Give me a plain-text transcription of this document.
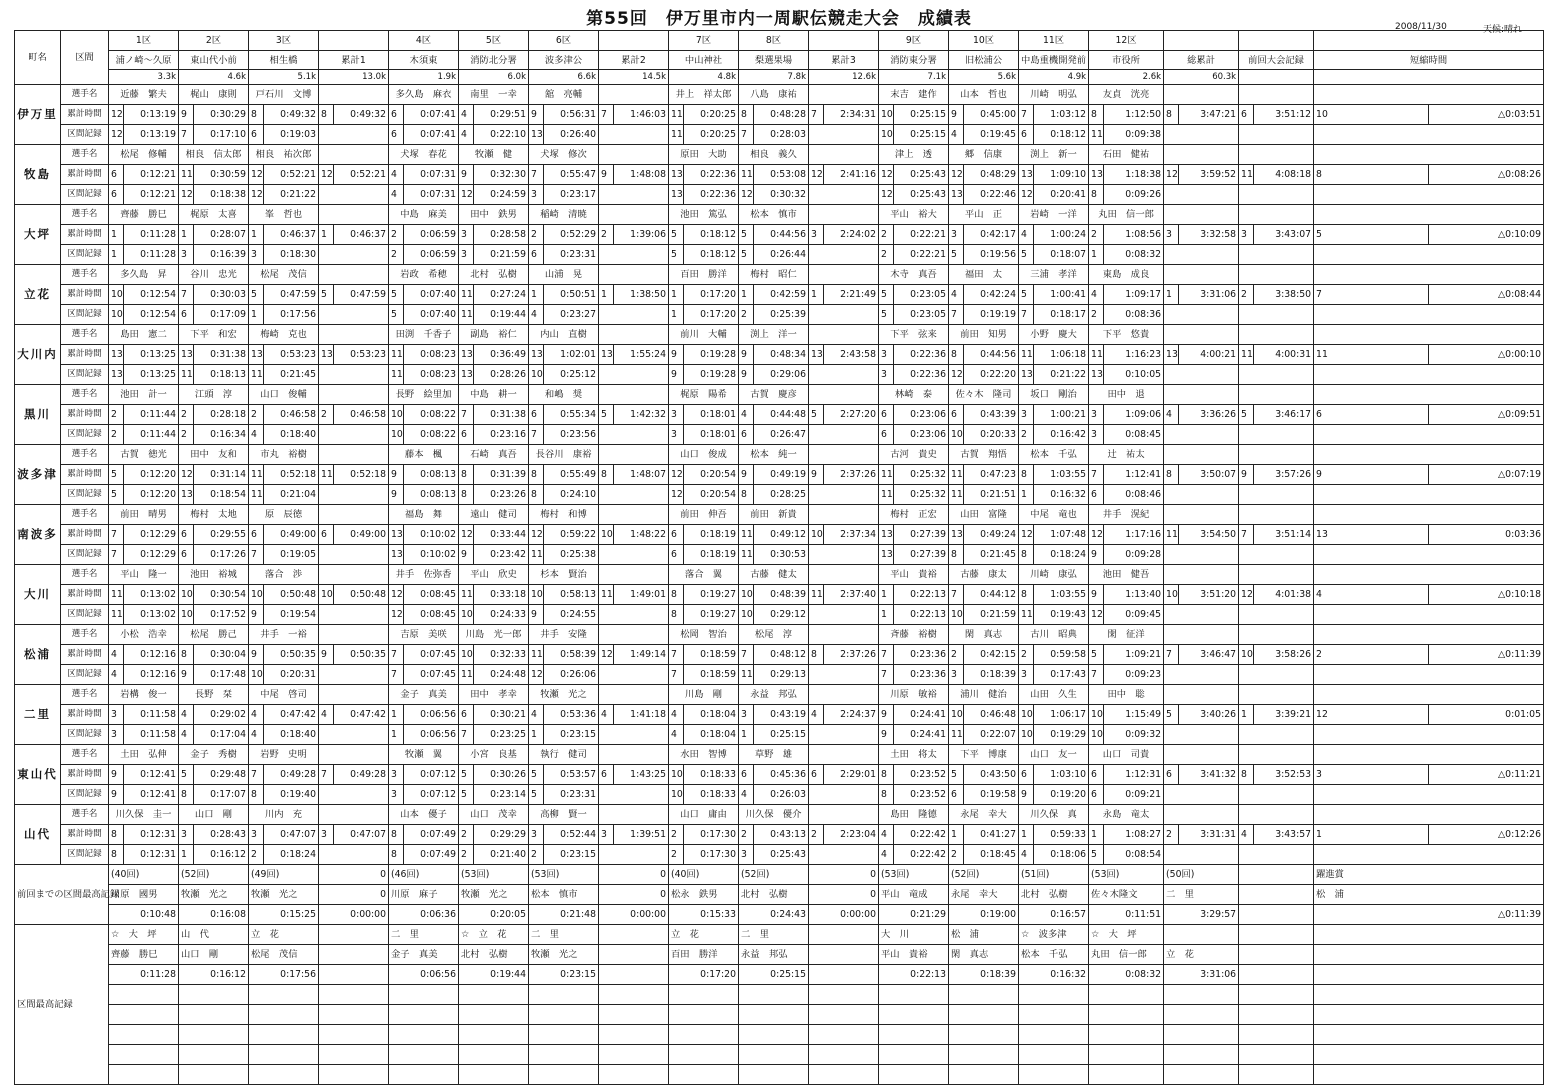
第55回　伊万里市内一周駅伝競走大会　成績表	2008/11/30	天候:晴れ
町名	区間	1区		2区		3区				4区		5区		6区				7区		8区				9区		10区		11区		12区							
		浦ノ崎～久原		東山代小前		相生橋		累計1		木須東		消防北分署		波多津公		累計2		中山神社		梨選果場		累計3		消防東分署		旧松浦公		中島重機開発前		市役所		総累計		前回大会記録		短縮時間	
		3.3k		4.6k		5.1k		13.0k		1.9k		6.0k		6.6k		14.5k		4.8k		7.8k		12.6k		7.1k		5.6k		4.9k		2.6k		60.3k					
伊万里	選手名	近藤　繁夫		梶山　康則		戸石川　文博				多久島　麻衣		南里　一幸		舘　亮輔				井上　祥太郎		八島　康祐				末吉　建作		山本　哲也		川崎　明弘		友貞　洸亮							
	累計時間	12	0:13:19	9	0:30:29	8	0:49:32	8	0:49:32	6	0:07:41	4	0:29:51	9	0:56:31	7	1:46:03	11	0:20:25	8	0:48:28	7	2:34:31	10	0:25:15	9	0:45:00	7	1:03:12	8	1:12:50	8	3:47:21	6	3:51:12	10	△0:03:51
	区間記録	12	0:13:19	7	0:17:10	6	0:19:03			6	0:07:41	4	0:22:10	13	0:26:40			11	0:20:25	7	0:28:03			10	0:25:15	4	0:19:45	6	0:18:12	11	0:09:38						
牧島	選手名	松尾　修輔		相良　信太郎		相良　祐次郎				犬塚　春花		牧瀬　健		犬塚　修次				原田　大助		相良　義久				津上　透		郷　信康		渕上　新一		石田　健祐							
	累計時間	6	0:12:21	11	0:30:59	12	0:52:21	12	0:52:21	4	0:07:31	9	0:32:30	7	0:55:47	9	1:48:08	13	0:22:36	11	0:53:08	12	2:41:16	12	0:25:43	12	0:48:29	13	1:09:10	13	1:18:38	12	3:59:52	11	4:08:18	8	△0:08:26
	区間記録	6	0:12:21	12	0:18:38	12	0:21:22			4	0:07:31	12	0:24:59	3	0:23:17			13	0:22:36	12	0:30:32			12	0:25:43	13	0:22:46	12	0:20:41	8	0:09:26						
大坪	選手名	齊藤　勝巳		梶原　太喜		峯　哲也				中島　麻美		田中　鉄男		稲崎　清暁				池田　篤弘		松本　慎市				平山　裕大		平山　正		岩崎　一洋		丸田　信一郎							
	累計時間	1	0:11:28	1	0:28:07	1	0:46:37	1	0:46:37	2	0:06:59	3	0:28:58	2	0:52:29	2	1:39:06	5	0:18:12	5	0:44:56	3	2:24:02	2	0:22:21	3	0:42:17	4	1:00:24	2	1:08:56	3	3:32:58	3	3:43:07	5	△0:10:09
	区間記録	1	0:11:28	3	0:16:39	3	0:18:30			2	0:06:59	3	0:21:59	6	0:23:31			5	0:18:12	5	0:26:44			2	0:22:21	5	0:19:56	5	0:18:07	1	0:08:32						
立花	選手名	多久島　昇		谷川　忠光		松尾　茂信				岩政　希穂		北村　弘樹		山浦　晃				百田　勝洋		梅村　昭仁				木寺　真吾		福田　太		三浦　孝洋		東島　成良							
	累計時間	10	0:12:54	7	0:30:03	5	0:47:59	5	0:47:59	5	0:07:40	11	0:27:24	1	0:50:51	1	1:38:50	1	0:17:20	1	0:42:59	1	2:21:49	5	0:23:05	4	0:42:24	5	1:00:41	4	1:09:17	1	3:31:06	2	3:38:50	7	△0:08:44
	区間記録	10	0:12:54	6	0:17:09	1	0:17:56			5	0:07:40	11	0:19:44	4	0:23:27			1	0:17:20	2	0:25:39			5	0:23:05	7	0:19:19	7	0:18:17	2	0:08:36						
大川内	選手名	島田　憲二		下平　和宏		梅崎　克也				田渕　千香子		副島　裕仁		内山　直樹				前川　大輔		渕上　洋一				下平　弦来		前田　知男		小野　慶大		下平　悠貴							
	累計時間	13	0:13:25	13	0:31:38	13	0:53:23	13	0:53:23	11	0:08:23	13	0:36:49	13	1:02:01	13	1:55:24	9	0:19:28	9	0:48:34	13	2:43:58	3	0:22:36	8	0:44:56	11	1:06:18	11	1:16:23	13	4:00:21	11	4:00:31	11	△0:00:10
	区間記録	13	0:13:25	11	0:18:13	11	0:21:45			11	0:08:23	13	0:28:26	10	0:25:12			9	0:19:28	9	0:29:06			3	0:22:36	12	0:22:20	13	0:21:22	13	0:10:05						
黒川	選手名	池田　計一		江頭　淳		山口　俊輔				長野　絵里加		中島　耕一		和嶋　奨				梶原　陽希		古賀　慶彦				林崎　泰		佐々木　隆司		坂口　剛治		田中　退							
	累計時間	2	0:11:44	2	0:28:18	2	0:46:58	2	0:46:58	10	0:08:22	7	0:31:38	6	0:55:34	5	1:42:32	3	0:18:01	4	0:44:48	5	2:27:20	6	0:23:06	6	0:43:39	3	1:00:21	3	1:09:06	4	3:36:26	5	3:46:17	6	△0:09:51
	区間記録	2	0:11:44	2	0:16:34	4	0:18:40			10	0:08:22	6	0:23:16	7	0:23:56			3	0:18:01	6	0:26:47			6	0:23:06	10	0:20:33	2	0:16:42	3	0:08:45						
波多津	選手名	古賀　徳光		田中　友和		市丸　裕樹				藤本　楓		石崎　真吾		長谷川　康裕				山口　俊成		松本　純一				古河　貴史		古賀　翔悟		松本　千弘		辻　祐太							
	累計時間	5	0:12:20	12	0:31:14	11	0:52:18	11	0:52:18	9	0:08:13	8	0:31:39	8	0:55:49	8	1:48:07	12	0:20:54	9	0:49:19	9	2:37:26	11	0:25:32	11	0:47:23	8	1:03:55	7	1:12:41	8	3:50:07	9	3:57:26	9	△0:07:19
	区間記録	5	0:12:20	13	0:18:54	11	0:21:04			9	0:08:13	8	0:23:26	8	0:24:10			12	0:20:54	8	0:28:25			11	0:25:32	11	0:21:51	1	0:16:32	6	0:08:46						
南波多	選手名	前田　晴男		梅村　太地		原　辰徳				福島　舞		遠山　健司		梅村　和博				前田　伸吾		前田　新貴				梅村　正宏		山田　富隆		中尾　竜也		井手　滉紀							
	累計時間	7	0:12:29	6	0:29:55	6	0:49:00	6	0:49:00	13	0:10:02	12	0:33:44	12	0:59:22	10	1:48:22	6	0:18:19	11	0:49:12	10	2:37:34	13	0:27:39	13	0:49:24	12	1:07:48	12	1:17:16	11	3:54:50	7	3:51:14	13	0:03:36
	区間記録	7	0:12:29	6	0:17:26	7	0:19:05			13	0:10:02	9	0:23:42	11	0:25:38			6	0:18:19	11	0:30:53			13	0:27:39	8	0:21:45	8	0:18:24	9	0:09:28						
大川	選手名	平山　隆一		池田　裕城		落合　渉				井手　佐弥香		平山　欣史		杉本　賢治				落合　翼		古藤　健太				平山　貴裕		古藤　康太		川崎　康弘		池田　健吾							
	累計時間	11	0:13:02	10	0:30:54	10	0:50:48	10	0:50:48	12	0:08:45	11	0:33:18	10	0:58:13	11	1:49:01	8	0:19:27	10	0:48:39	11	2:37:40	1	0:22:13	7	0:44:12	8	1:03:55	9	1:13:40	10	3:51:20	12	4:01:38	4	△0:10:18
	区間記録	11	0:13:02	10	0:17:52	9	0:19:54			12	0:08:45	10	0:24:33	9	0:24:55			8	0:19:27	10	0:29:12			1	0:22:13	10	0:21:59	11	0:19:43	12	0:09:45						
松浦	選手名	小松　浩幸		松尾　勝己		井手　一裕				吉原　美咲		川島　光一郎		井手　安隆				松岡　智治		松尾　淳				斉藤　裕樹		閑　真志		古川　昭典		閑　征洋							
	累計時間	4	0:12:16	8	0:30:04	9	0:50:35	9	0:50:35	7	0:07:45	10	0:32:33	11	0:58:39	12	1:49:14	7	0:18:59	7	0:48:12	8	2:37:26	7	0:23:36	2	0:42:15	2	0:59:58	5	1:09:21	7	3:46:47	10	3:58:26	2	△0:11:39
	区間記録	4	0:12:16	9	0:17:48	10	0:20:31			7	0:07:45	11	0:24:48	12	0:26:06			7	0:18:59	11	0:29:13			7	0:23:36	3	0:18:39	3	0:17:43	7	0:09:23						
二里	選手名	岩構　俊一		長野　栞		中尾　啓司				金子　真美		田中　孝幸		牧瀬　光之				川島　剛		永益　邦弘				川原　敏裕		浦川　健治		山田　久生		田中　聡							
	累計時間	3	0:11:58	4	0:29:02	4	0:47:42	4	0:47:42	1	0:06:56	6	0:30:21	4	0:53:36	4	1:41:18	4	0:18:04	3	0:43:19	4	2:24:37	9	0:24:41	10	0:46:48	10	1:06:17	10	1:15:49	5	3:40:26	1	3:39:21	12	0:01:05
	区間記録	3	0:11:58	4	0:17:04	4	0:18:40			1	0:06:56	7	0:23:25	1	0:23:15			4	0:18:04	1	0:25:15			9	0:24:41	11	0:22:07	10	0:19:29	10	0:09:32						
東山代	選手名	土田　弘伸		金子　秀樹		岩野　史明				牧瀬　翼		小宮　良基		執行　健司				水田　智博		草野　雄				土田　将太		下平　博康		山口　友一		山口　司貴							
	累計時間	9	0:12:41	5	0:29:48	7	0:49:28	7	0:49:28	3	0:07:12	5	0:30:26	5	0:53:57	6	1:43:25	10	0:18:33	6	0:45:36	6	2:29:01	8	0:23:52	5	0:43:50	6	1:03:10	6	1:12:31	6	3:41:32	8	3:52:53	3	△0:11:21
	区間記録	9	0:12:41	8	0:17:07	8	0:19:40			3	0:07:12	5	0:23:14	5	0:23:31			10	0:18:33	4	0:26:03			8	0:23:52	6	0:19:58	9	0:19:20	6	0:09:21						
山代	選手名	川久保　圭一		山口　剛		川内　充				山本　優子		山口　茂幸		高柳　賢一				山口　庸由		川久保　優介				島田　隆德		永尾　幸大		川久保　真		永島　竜太							
	累計時間	8	0:12:31	3	0:28:43	3	0:47:07	3	0:47:07	8	0:07:49	2	0:29:29	3	0:52:44	3	1:39:51	2	0:17:30	2	0:43:13	2	2:23:04	4	0:22:42	1	0:41:27	1	0:59:33	1	1:08:27	2	3:31:31	4	3:43:57	1	△0:12:26
	区間記録	8	0:12:31	1	0:16:12	2	0:18:24			8	0:07:49	2	0:21:40	2	0:23:15			2	0:17:30	3	0:25:43			4	0:22:42	2	0:18:45	4	0:18:06	5	0:08:54						
前回までの区間最高記録		(40回)		(52回)		(49回)		0		(46回)		(53回)		(53回)		0		(40回)		(52回)		0		(53回)		(52回)		(51回)		(53回)		(50回)				躍進賞	
		川原　國男		牧瀬　光之		牧瀬　光之		0		川原　麻子		牧瀬　光之		松本　慎市		0		松永　鉄男		北村　弘樹		0		平山　竜成		永尾　幸大		北村　弘樹		佐々木隆文		二　里				松　浦	
		0:10:48		0:16:08		0:15:25		0:00:00		0:06:36		0:20:05		0:21:48		0:00:00		0:15:33		0:24:43		0:00:00		0:21:29		0:19:00		0:16:57		0:11:51		3:29:57				△0:11:39	
区間最高記録		☆　大　坪		山　代		立　花				二　里		☆　立　花		二　里				立　花		二　里				大　川		松　浦		☆　波多津		☆　大　坪							
		齊藤　勝巳		山口　剛		松尾　茂信				金子　真美		北村　弘樹		牧瀬　光之				百田　勝洋		永益　邦弘				平山　貴裕		閑　真志		松本　千弘		丸田　信一郎		立　花					
		0:11:28		0:16:12		0:17:56				0:06:56		0:19:44		0:23:15				0:17:20		0:25:15				0:22:13		0:18:39		0:16:32		0:08:32		3:31:06					
